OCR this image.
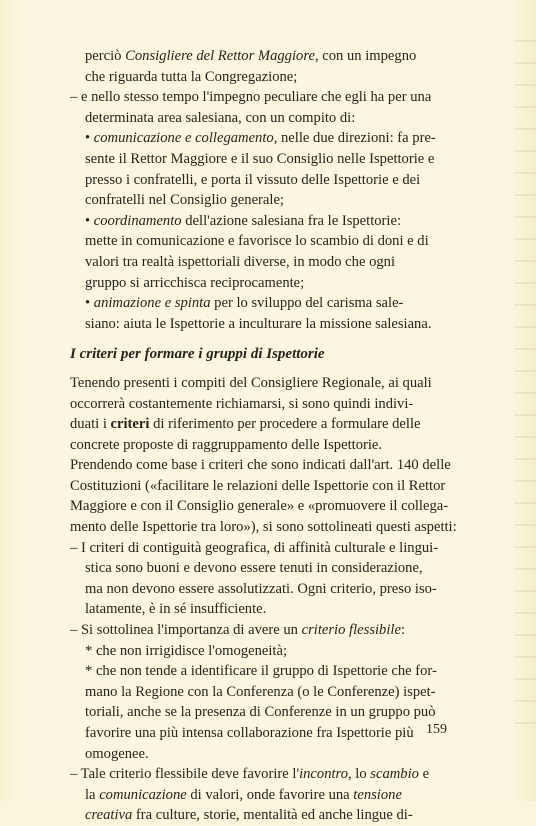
perciò Consigliere del Rettor Maggiore, con un impegno
che riguarda tutta la Congregazione;
– e nello stesso tempo l'impegno peculiare che egli ha per una
determinata area salesiana, con un compito di:
• comunicazione e collegamento, nelle due direzioni: fa pre-
sente il Rettor Maggiore e il suo Consiglio nelle Ispettorie e
presso i confratelli, e porta il vissuto delle Ispettorie e dei
confratelli nel Consiglio generale;
• coordinamento dell'azione salesiana fra le Ispettorie:
mette in comunicazione e favorisce lo scambio di doni e di
valori tra realtà ispettoriali diverse, in modo che ogni
gruppo si arricchisca reciprocamente;
• animazione e spinta per lo sviluppo del carisma sale-
siano: aiuta le Ispettorie a inculturare la missione salesiana.
I criteri per formare i gruppi di Ispettorie
Tenendo presenti i compiti del Consigliere Regionale, ai quali
occorrerà costantemente richiamarsi, si sono quindi indivi-
duati i criteri di riferimento per procedere a formulare delle
concrete proposte di raggruppamento delle Ispettorie.
Prendendo come base i criteri che sono indicati dall'art. 140 delle
Costituzioni («facilitare le relazioni delle Ispettorie con il Rettor
Maggiore e con il Consiglio generale» e «promuovere il collega-
mento delle Ispettorie tra loro»), si sono sottolineati questi aspetti:
– I criteri di contiguità geografica, di affinità culturale e lingui-
stica sono buoni e devono essere tenuti in considerazione,
ma non devono essere assolutizzati. Ogni criterio, preso iso-
latamente, è in sé insufficiente.
– Si sottolinea l'importanza di avere un criterio flessibile:
* che non irrigidisce l'omogeneità;
* che non tende a identificare il gruppo di Ispettorie che for-
mano la Regione con la Conferenza (o le Conferenze) ispet-
toriali, anche se la presenza di Conferenze in un gruppo può
favorire una più intensa collaborazione fra Ispettorie più
omogenee.
– Tale criterio flessibile deve favorire l'incontro, lo scambio e
la comunicazione di valori, onde favorire una tensione
creativa fra culture, storie, mentalità ed anche lingue di-
159
